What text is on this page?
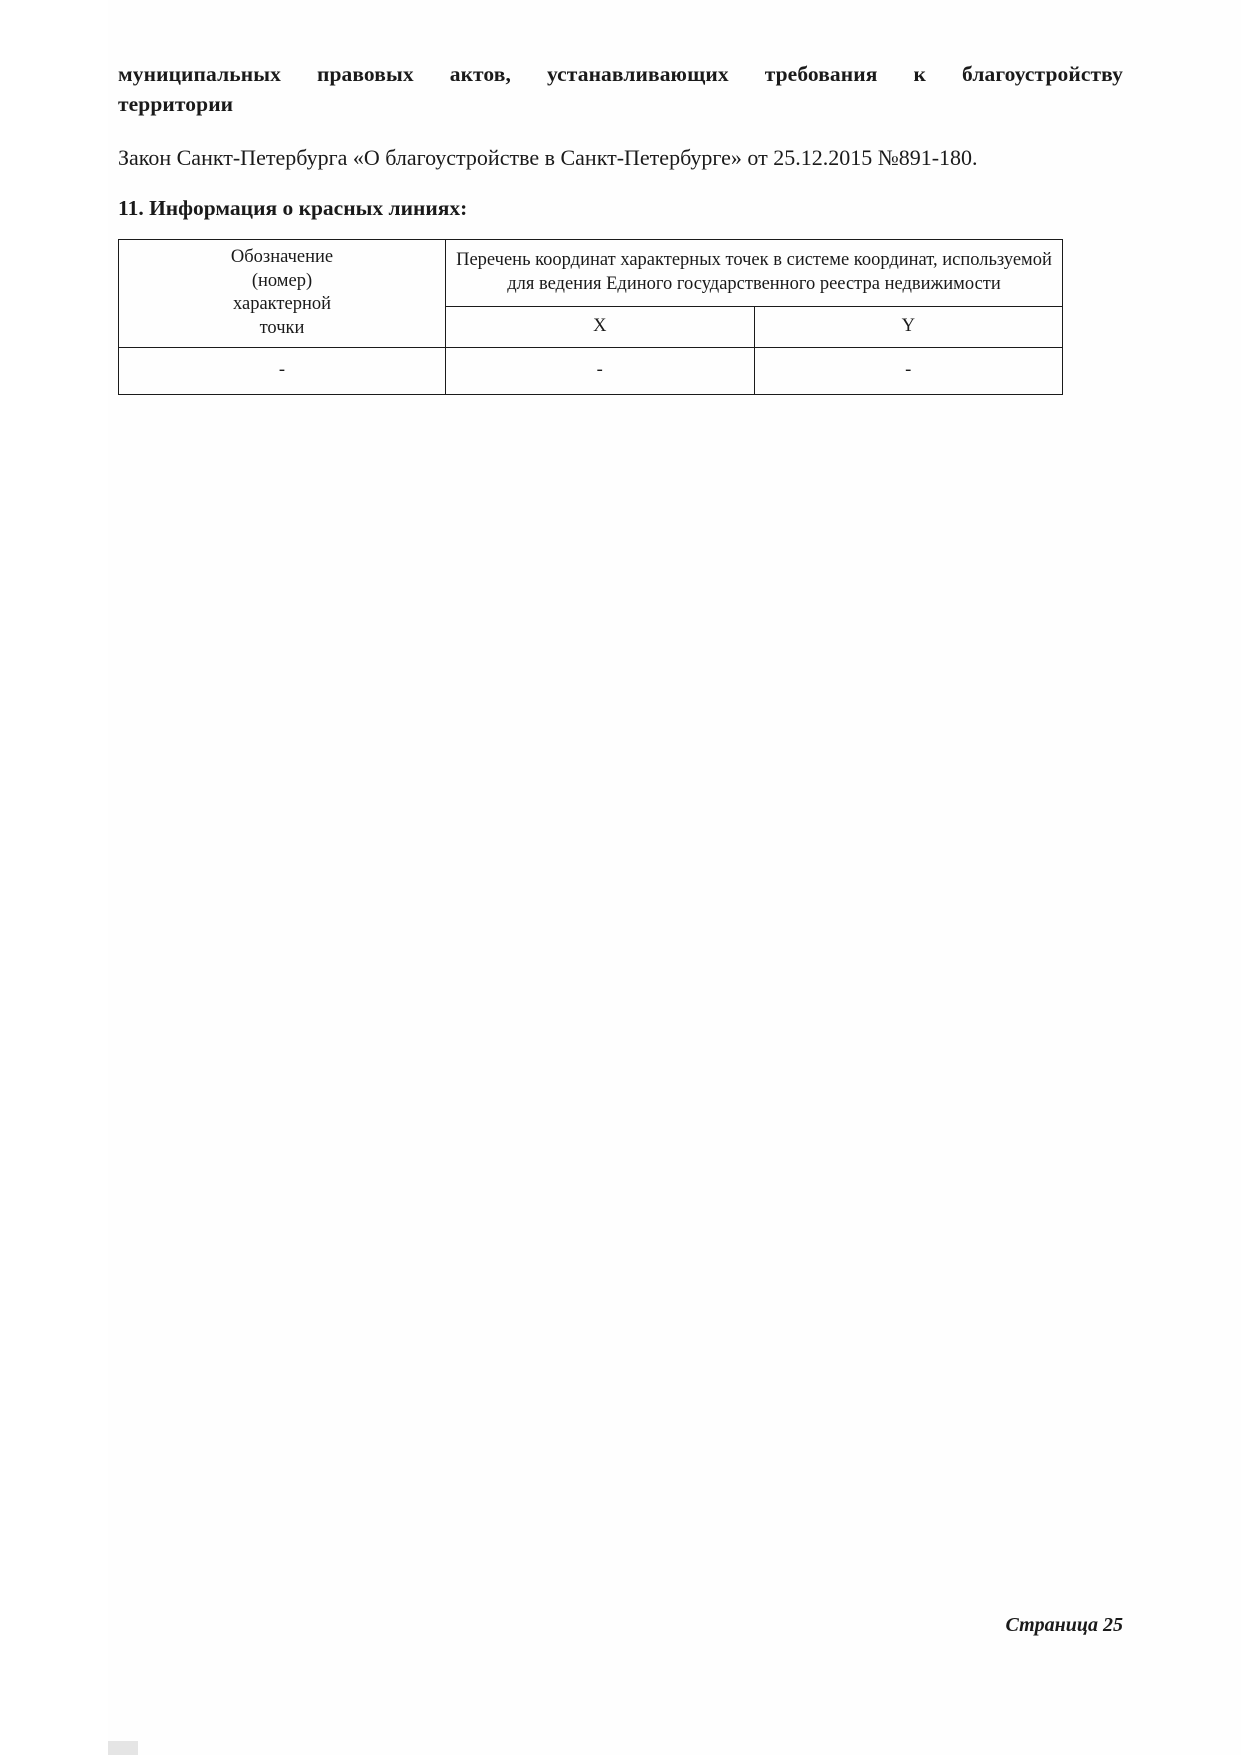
муниципальных правовых актов, устанавливающих требования к благоустройству
территории

Закон Санкт-Петербурга «О благоустройстве в Санкт-Петербурге» от 25.12.2015 №891-180.

11. Информация о красных линиях:
Обозначение
(номер)
характерной
точки	Перечень координат характерных точек в системе координат, используемой для ведения Единого государственного реестра недвижимости	
	X	Y
-	-	-
Страница 25
